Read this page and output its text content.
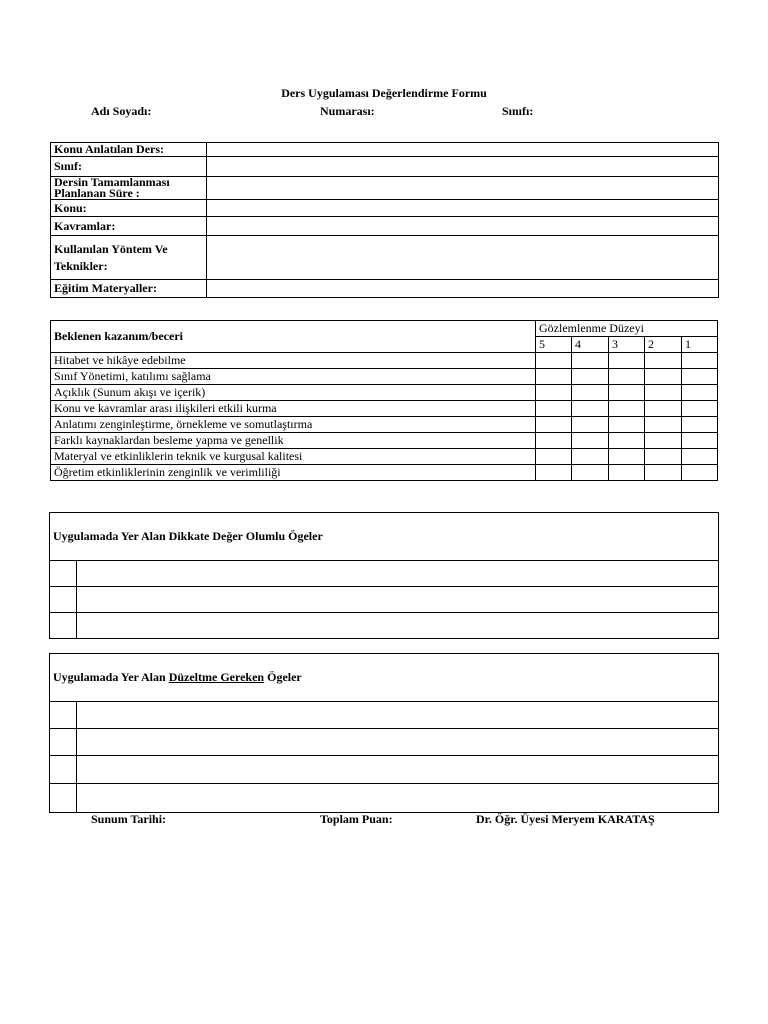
Ders Uygulaması Değerlendirme Formu
Adı Soyadı:	Numarası:	Sınıfı:
Konu Anlatılan Ders:	
Sınıf:	

Dersin Tamamlanması
Planlanan Süre :	

Konu:	
Kavramlar:	

Kullanılan Yöntem Ve
Teknikler:	

Eğitim Materyaller:	
Beklenen kazanım/beceri	Gözlemlenme Düzeyi				
	5	4	3	2	1
Hitabet ve hikâye edebilme					
Sınıf Yönetimi, katılımı sağlama					
Açıklık (Sunum akışı ve içerik)					
Konu ve kavramlar arası ilişkileri etkili kurma					
Anlatımı zenginleştirme, örnekleme ve somutlaştırma					
Farklı kaynaklardan besleme yapma ve genellik					
Materyal ve etkinliklerin teknik ve kurgusal kalitesi					
Öğretim etkinliklerinin zenginlik ve verimliliği					
Uygulamada Yer Alan Dikkate Değer Olumlu Ögeler
Uygulamada Yer Alan Düzeltme Gereken Ögeler
Sunum Tarihi:	Toplam Puan:	Dr. Öğr. Üyesi Meryem KARATAŞ
